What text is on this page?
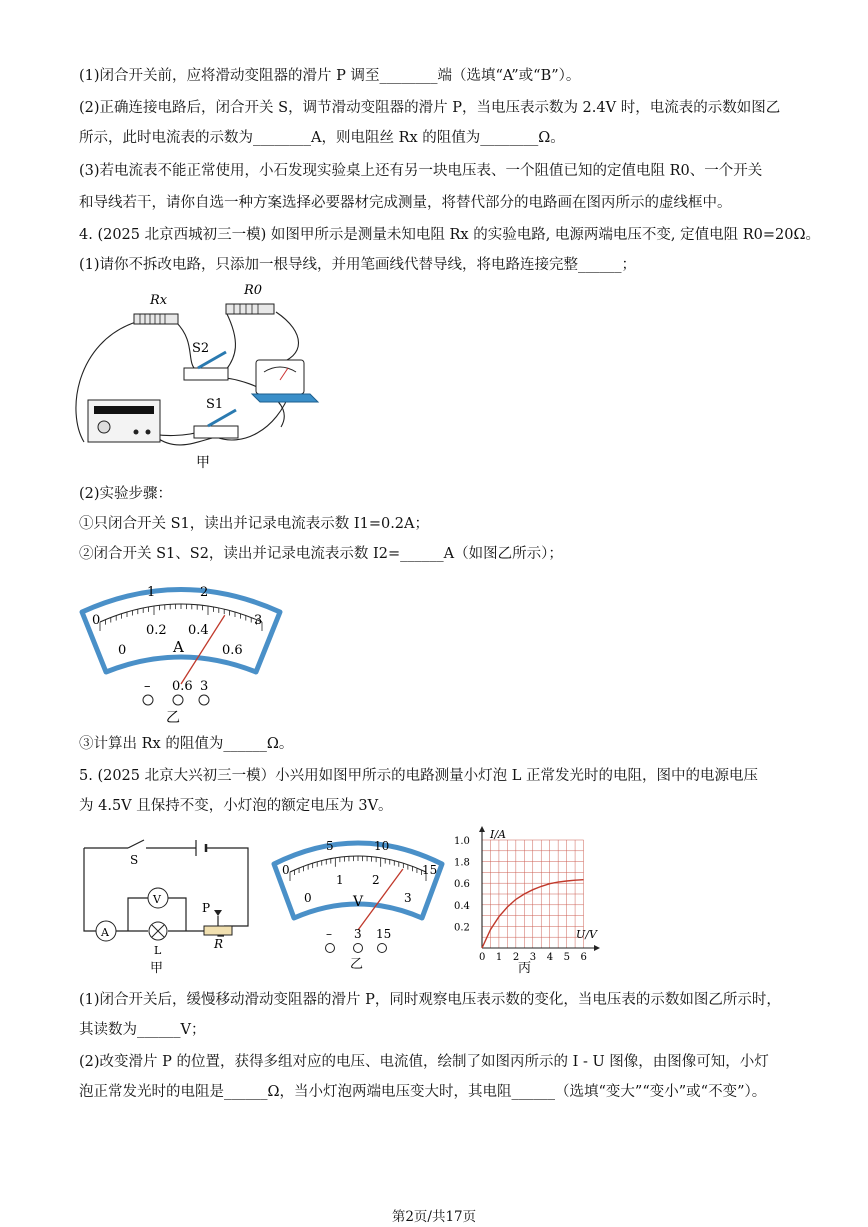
(1)闭合开关前，应将滑动变阻器的滑片 P 调至________端（选填“A”或“B”）。
(2)正确连接电路后，闭合开关 S，调节滑动变阻器的滑片 P，当电压表示数为 2.4V 时，电流表的示数如图乙
所示，此时电流表的示数为________A，则电阻丝 Rx 的阻值为________Ω。
(3)若电流表不能正常使用，小石发现实验桌上还有另一块电压表、一个阻值已知的定值电阻 R0、一个开关
和导线若干，请你自选一种方案选择必要器材完成测量，将替代部分的电路画在图丙所示的虚线框中。
4. (2025 北京西城初三一模) 如图甲所示是测量未知电阻 Rx 的实验电路, 电源两端电压不变, 定值电阻 R0=20Ω。
(1)请你不拆改电路，只添加一根导线，并用笔画线代替导线，将电路连接完整______；
Rx
R0
S2
S1
甲
(2)实验步骤：
①只闭合开关 S1，读出并记录电流表示数 I1=0.2A；
②闭合开关 S1、S2，读出并记录电流表示数 I2=______A（如图乙所示）；
0
1	2
3
0
0.2 0.4
0.6
A
– 0.6 3
乙
③计算出 Rx 的阻值为______Ω。
5. (2025 北京大兴初三一模）小兴用如图甲所示的电路测量小灯泡 L 正常发光时的电阻，图中的电源电压
为 4.5V 且保持不变，小灯泡的额定电压为 3V。
S
A
V
L
P
R
甲
0
5	10
15
0
1 2
3
V
– 3 15
乙
I/A
U/V
1.0
1.8
0.6
0.4
0.2
0 1 2 3 4 5 6
丙
(1)闭合开关后，缓慢移动滑动变阻器的滑片 P，同时观察电压表示数的变化，当电压表的示数如图乙所示时，
其读数为______V；
(2)改变滑片 P 的位置，获得多组对应的电压、电流值，绘制了如图丙所示的 I - U 图像，由图像可知，小灯
泡正常发光时的电阻是______Ω，当小灯泡两端电压变大时，其电阻______（选填“变大”“变小”或“不变”）。
第2页/共17页
